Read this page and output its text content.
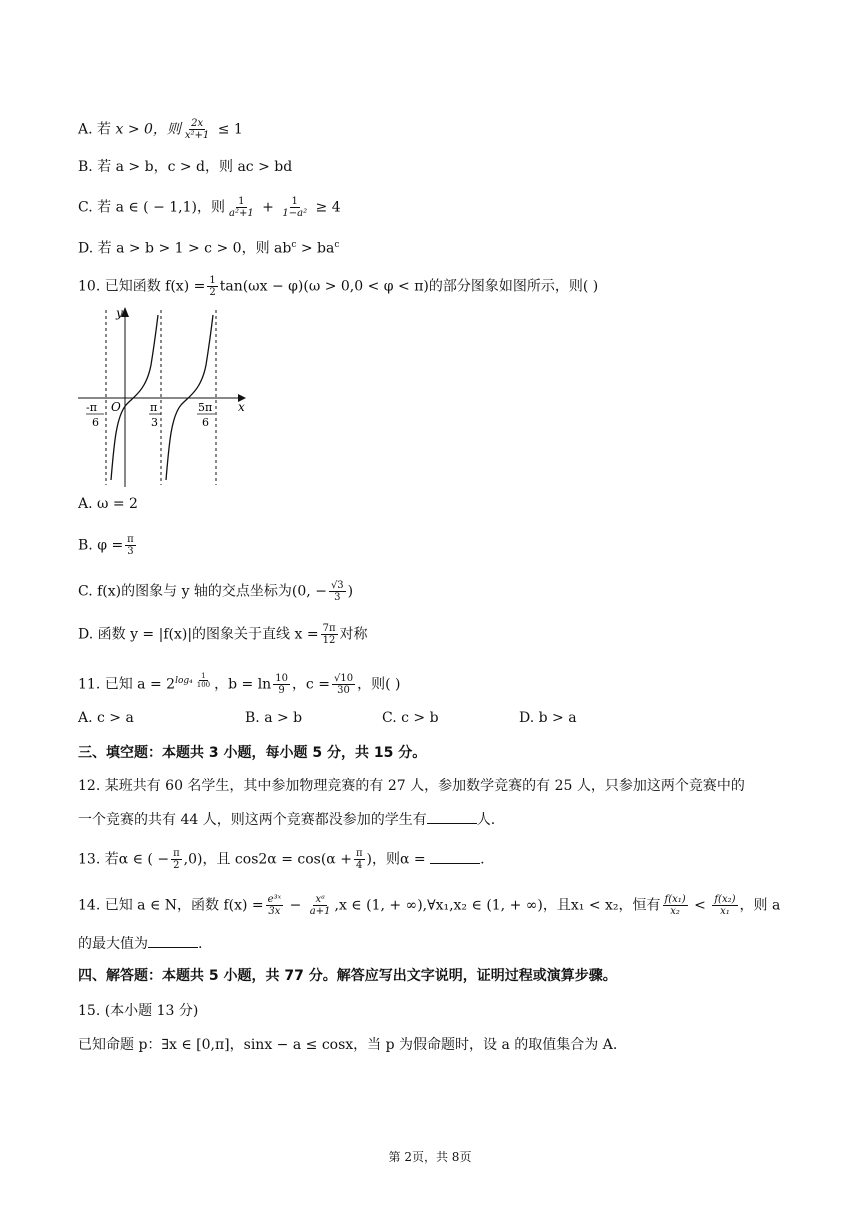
A. 若 x > 0，则 $\frac{2x}{\text{x²+1}} \le 1$
B. 若 a > b，c > d，则 ac > bd
C. 若 a ∈ ( − 1,1)，则 $\frac{1}{\text{a²+1}} + \frac{1}{\text{1−a²}} \ge 4$
D. 若 a > b > 1 > c > 0，则 $ab^c > ba^c$
10. 已知函数 $f(x) = \frac{1}{2} \tan(\omega x - \varphi)(\omega > 0,0 < \varphi < \pi)$的部分图象如图所示，则( )
y
x
O
-π
6
π
3
5π
6
A. ω = 2
B. $\varphi = \frac{\pi}{3}$
C. f(x)的图象与 y 轴的交点坐标为(0, − $\frac{√3}{3}$ )
D. 函数 y = |f(x)|的图象关于直线 $x = \frac{7\pi}{12}$ 对称
11. 已知 $a = 2^{log_4 \frac{1}{100}}$ ，$b = \ln \frac{10}{9}$ ，$c = \frac{√10}{30}$ ，则( )
A. c > a	B. a > b	C. c > b	D. b > a
三、填空题：本题共 3 小题，每小题 5 分，共 15 分。
12. 某班共有 60 名学生，其中参加物理竞赛的有 27 人，参加数学竞赛的有 25 人，只参加这两个竞赛中的
一个竞赛的共有 44 人，则这两个竞赛都没参加的学生有	人.
13. 若α ∈ ( − $\frac{\pi}{2} ,0$)，且 $\cos 2\alpha = \cos(\alpha + \frac{\pi}{4}$ )，则α =	.
14. 已知 a ∈ N，函数 $f(x) = \frac{\text{e³ˣ}}{3x} - \frac{\text{xᵃ}}{a+1} ,x$ ∈ (1, + ∞),∀x₁,x₂ ∈ (1, + ∞)，且x₁ < x₂，恒有 $\frac{\text{f(x₁)}}{\text{x₂}} < \frac{\text{f(x₂)}}{\text{x₁}}$ ，则 a
的最大值为	.
四、解答题：本题共 5 小题，共 77 分。解答应写出文字说明，证明过程或演算步骤。
15. (本小题 13 分)
已知命题 p：∃x ∈ [0,π]，sinx − a ≤ cosx，当 p 为假命题时，设 a 的取值集合为 A.
第 2页，共 8页
